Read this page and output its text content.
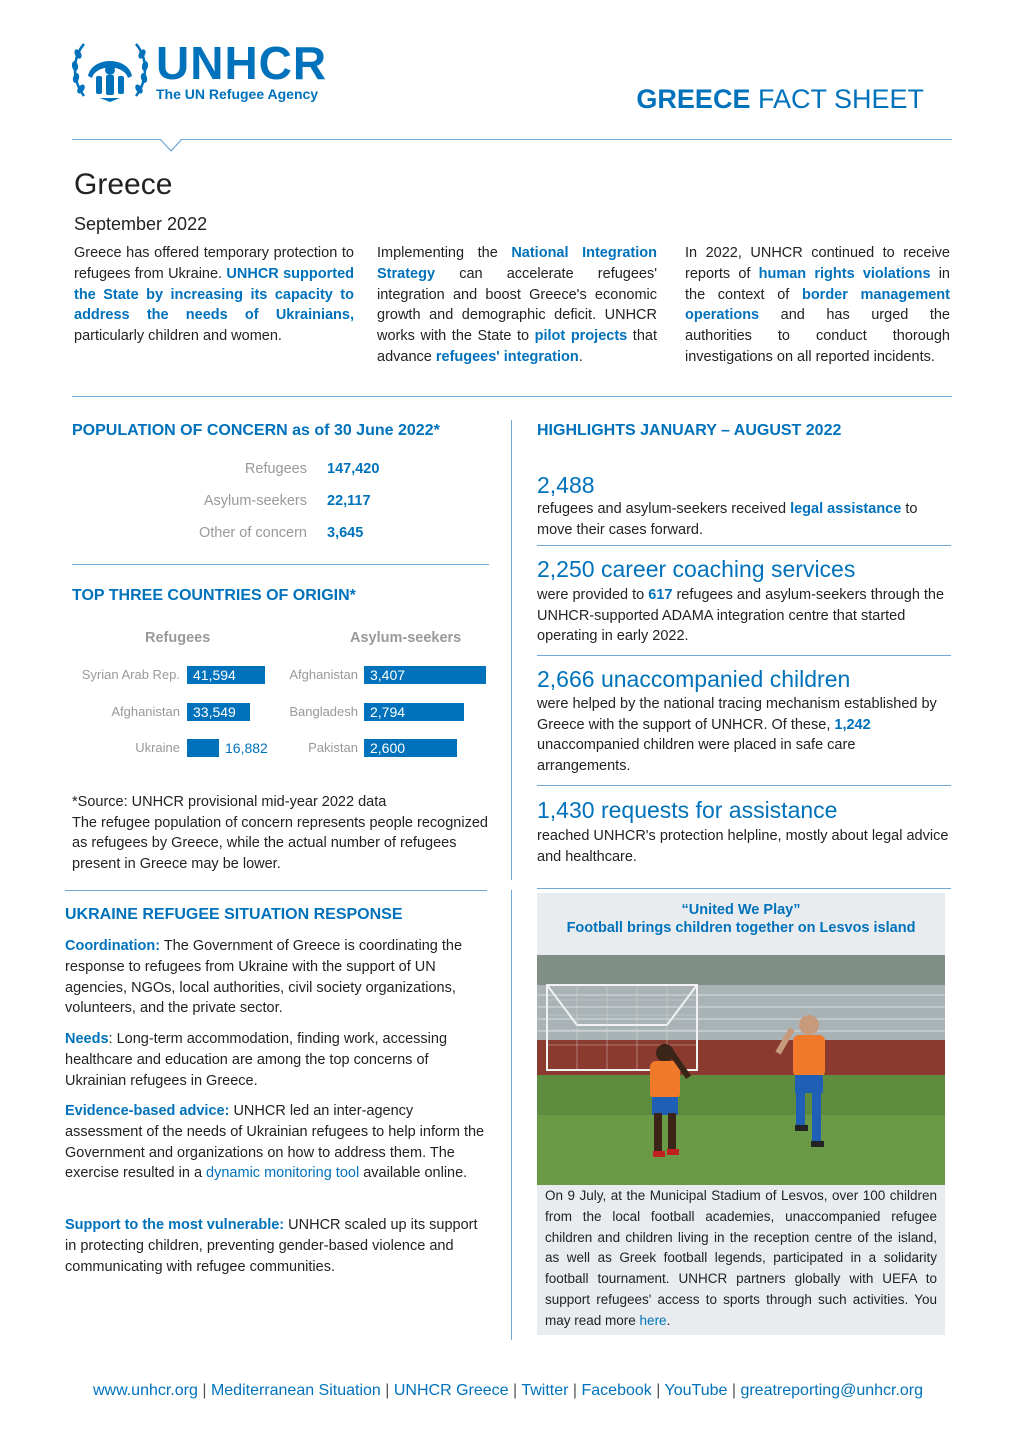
UNHCR
The UN Refugee Agency	GREECE FACT SHEET
Greece
September 2022
Greece has offered temporary protection to refugees from Ukraine. UNHCR supported the State by increasing its capacity to address the needs of Ukrainians, particularly children and women.
Implementing the National Integration Strategy can accelerate refugees' integration and boost Greece's economic growth and demographic deficit. UNHCR works with the State to pilot projects that advance refugees' integration.
In 2022, UNHCR continued to receive reports of human rights violations in the context of border management operations and has urged the authorities to conduct thorough investigations on all reported incidents.
POPULATION OF CONCERN as of 30 June 2022*
Refugees 147,420
Asylum-seekers 22,117
Other of concern 3,645
TOP THREE COUNTRIES OF ORIGIN*
Refugees	Asylum-seekers
Syrian Arab Rep. 41,594
Afghanistan 33,549
Ukraine	16,882
Afghanistan 3,407
Bangladesh 2,794
Pakistan 2,600
*Source: UNHCR provisional mid-year 2022 data
The refugee population of concern represents people recognized as refugees by Greece, while the actual number of refugees present in Greece may be lower.
UKRAINE REFUGEE SITUATION RESPONSE
Coordination: The Government of Greece is coordinating the response to refugees from Ukraine with the support of UN agencies, NGOs, local authorities, civil society organizations, volunteers, and the private sector.
Needs: Long-term accommodation, finding work, accessing healthcare and education are among the top concerns of Ukrainian refugees in Greece.
Evidence-based advice: UNHCR led an inter-agency assessment of the needs of Ukrainian refugees to help inform the Government and organizations on how to address them. The exercise resulted in a dynamic monitoring tool available online.
Support to the most vulnerable: UNHCR scaled up its support in protecting children, preventing gender-based violence and communicating with refugee communities.
HIGHLIGHTS JANUARY – AUGUST 2022
2,488
refugees and asylum-seekers received legal assistance to move their cases forward.
2,250 career coaching services
were provided to 617 refugees and asylum-seekers through the UNHCR-supported ADAMA integration centre that started operating in early 2022.
2,666 unaccompanied children
were helped by the national tracing mechanism established by Greece with the support of UNHCR. Of these, 1,242 unaccompanied children were placed in safe care arrangements.
1,430 requests for assistance
reached UNHCR's protection helpline, mostly about legal advice and healthcare.
“United We Play”
Football brings children together on Lesvos island
On 9 July, at the Municipal Stadium of Lesvos, over 100 children from the local football academies, unaccompanied refugee children and children living in the reception centre of the island, as well as Greek football legends, participated in a solidarity football tournament. UNHCR partners globally with UEFA to support refugees' access to sports through such activities. You may read more here.
www.unhcr.org | Mediterranean Situation | UNHCR Greece | Twitter | Facebook | YouTube | greatreporting@unhcr.org
